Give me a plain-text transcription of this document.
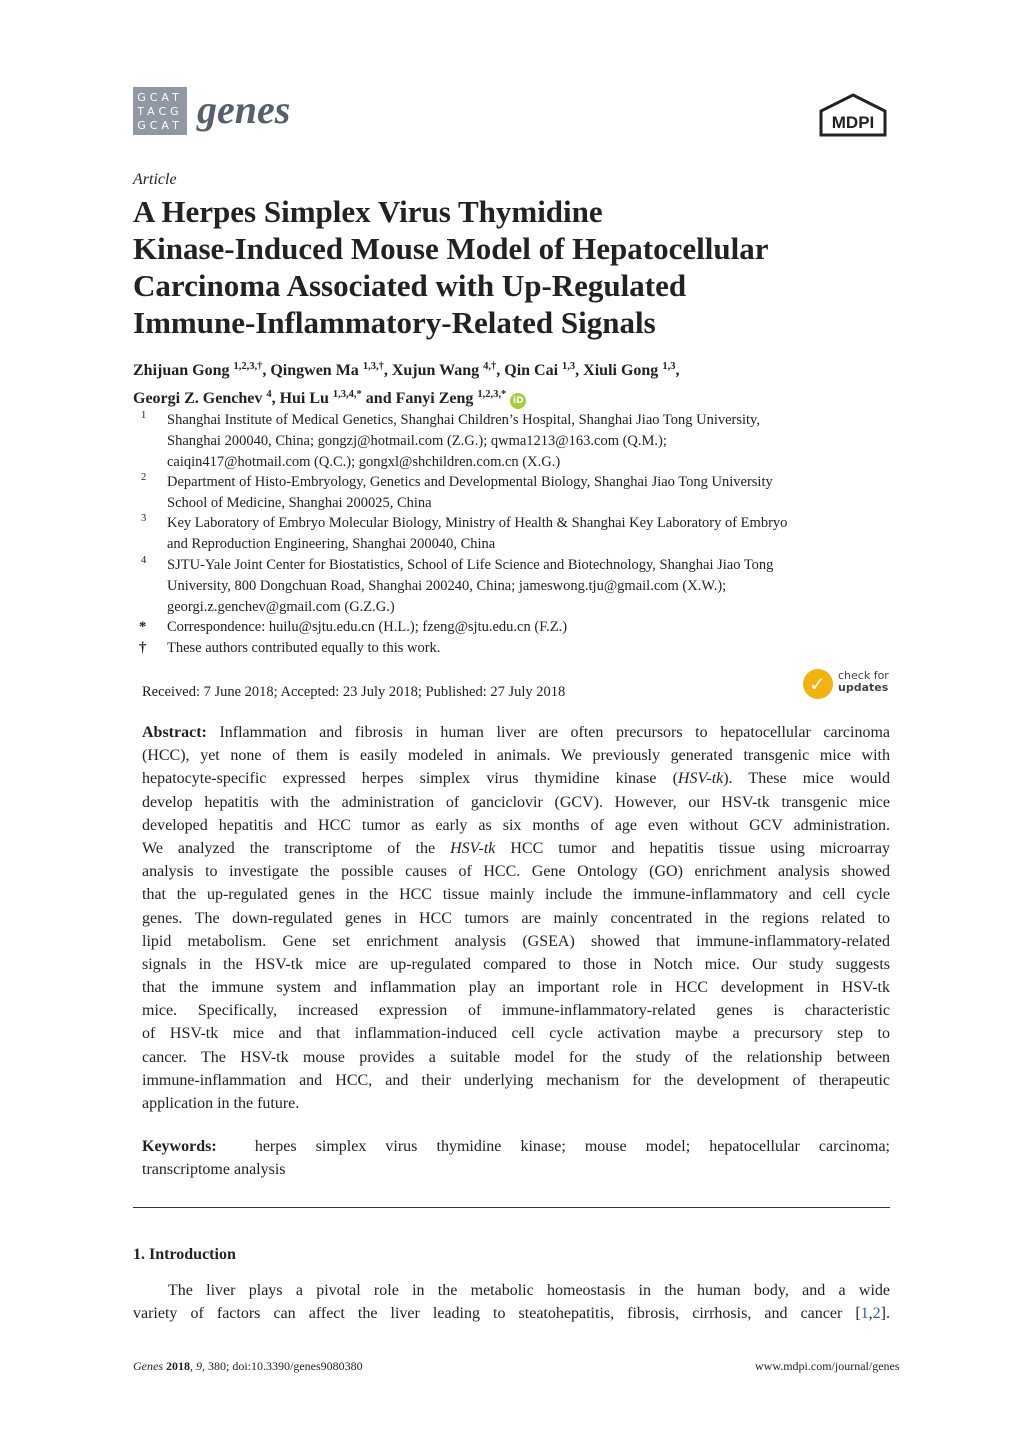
GCAT
TACG
GCAT genes	MDPI
Article
A Herpes Simplex Virus Thymidine
Kinase-Induced Mouse Model of Hepatocellular
Carcinoma Associated with Up-Regulated
Immune-Inflammatory-Related Signals
Zhijuan Gong $^{1,2,3,\dagger}$, Qingwen Ma $^{1,3,\dagger}$, Xujun Wang $^{4,\dagger}$, Qin Cai $^{1,3}$, Xiuli Gong $^{1,3}$,
Georgi Z. Genchev $^4$, Hui Lu $^{1,3,4,*}$ and Fanyi Zeng $^{1,2,3,*}$ iD
1 Shanghai Institute of Medical Genetics, Shanghai Children’s Hospital, Shanghai Jiao Tong University,
Shanghai 200040, China; gongzj@hotmail.com (Z.G.); qwma1213@163.com (Q.M.);
caiqin417@hotmail.com (Q.C.); gongxl@shchildren.com.cn (X.G.)
2 Department of Histo-Embryology, Genetics and Developmental Biology, Shanghai Jiao Tong University
School of Medicine, Shanghai 200025, China
3 Key Laboratory of Embryo Molecular Biology, Ministry of Health & Shanghai Key Laboratory of Embryo
and Reproduction Engineering, Shanghai 200040, China
4 SJTU-Yale Joint Center for Biostatistics, School of Life Science and Biotechnology, Shanghai Jiao Tong
University, 800 Dongchuan Road, Shanghai 200240, China; jameswong.tju@gmail.com (X.W.);
georgi.z.genchev@gmail.com (G.Z.G.)
* Correspondence: huilu@sjtu.edu.cn (H.L.); fzeng@sjtu.edu.cn (F.Z.)
† These authors contributed equally to this work.
Received: 7 June 2018; Accepted: 23 July 2018; Published: 27 July 2018	✓ check for
updates
Abstract: Inflammation and fibrosis in human liver are often precursors to hepatocellular carcinoma
(HCC), yet none of them is easily modeled in animals. We previously generated transgenic mice with
hepatocyte-specific expressed herpes simplex virus thymidine kinase (HSV-tk). These mice would
develop hepatitis with the administration of ganciclovir (GCV). However, our HSV-tk transgenic mice
developed hepatitis and HCC tumor as early as six months of age even without GCV administration.
We analyzed the transcriptome of the HSV-tk HCC tumor and hepatitis tissue using microarray
analysis to investigate the possible causes of HCC. Gene Ontology (GO) enrichment analysis showed
that the up-regulated genes in the HCC tissue mainly include the immune-inflammatory and cell cycle
genes. The down-regulated genes in HCC tumors are mainly concentrated in the regions related to
lipid metabolism. Gene set enrichment analysis (GSEA) showed that immune-inflammatory-related
signals in the HSV-tk mice are up-regulated compared to those in Notch mice. Our study suggests
that the immune system and inflammation play an important role in HCC development in HSV-tk
mice. Specifically, increased expression of immune-inflammatory-related genes is characteristic
of HSV-tk mice and that inflammation-induced cell cycle activation maybe a precursory step to
cancer. The HSV-tk mouse provides a suitable model for the study of the relationship between
immune-inflammation and HCC, and their underlying mechanism for the development of therapeutic
application in the future.
Keywords: herpes simplex virus thymidine kinase; mouse model; hepatocellular carcinoma;
transcriptome analysis
1. Introduction
The liver plays a pivotal role in the metabolic homeostasis in the human body, and a wide
variety of factors can affect the liver leading to steatohepatitis, fibrosis, cirrhosis, and cancer [1,2].
Genes 2018, 9, 380; doi:10.3390/genes9080380	www.mdpi.com/journal/genes
